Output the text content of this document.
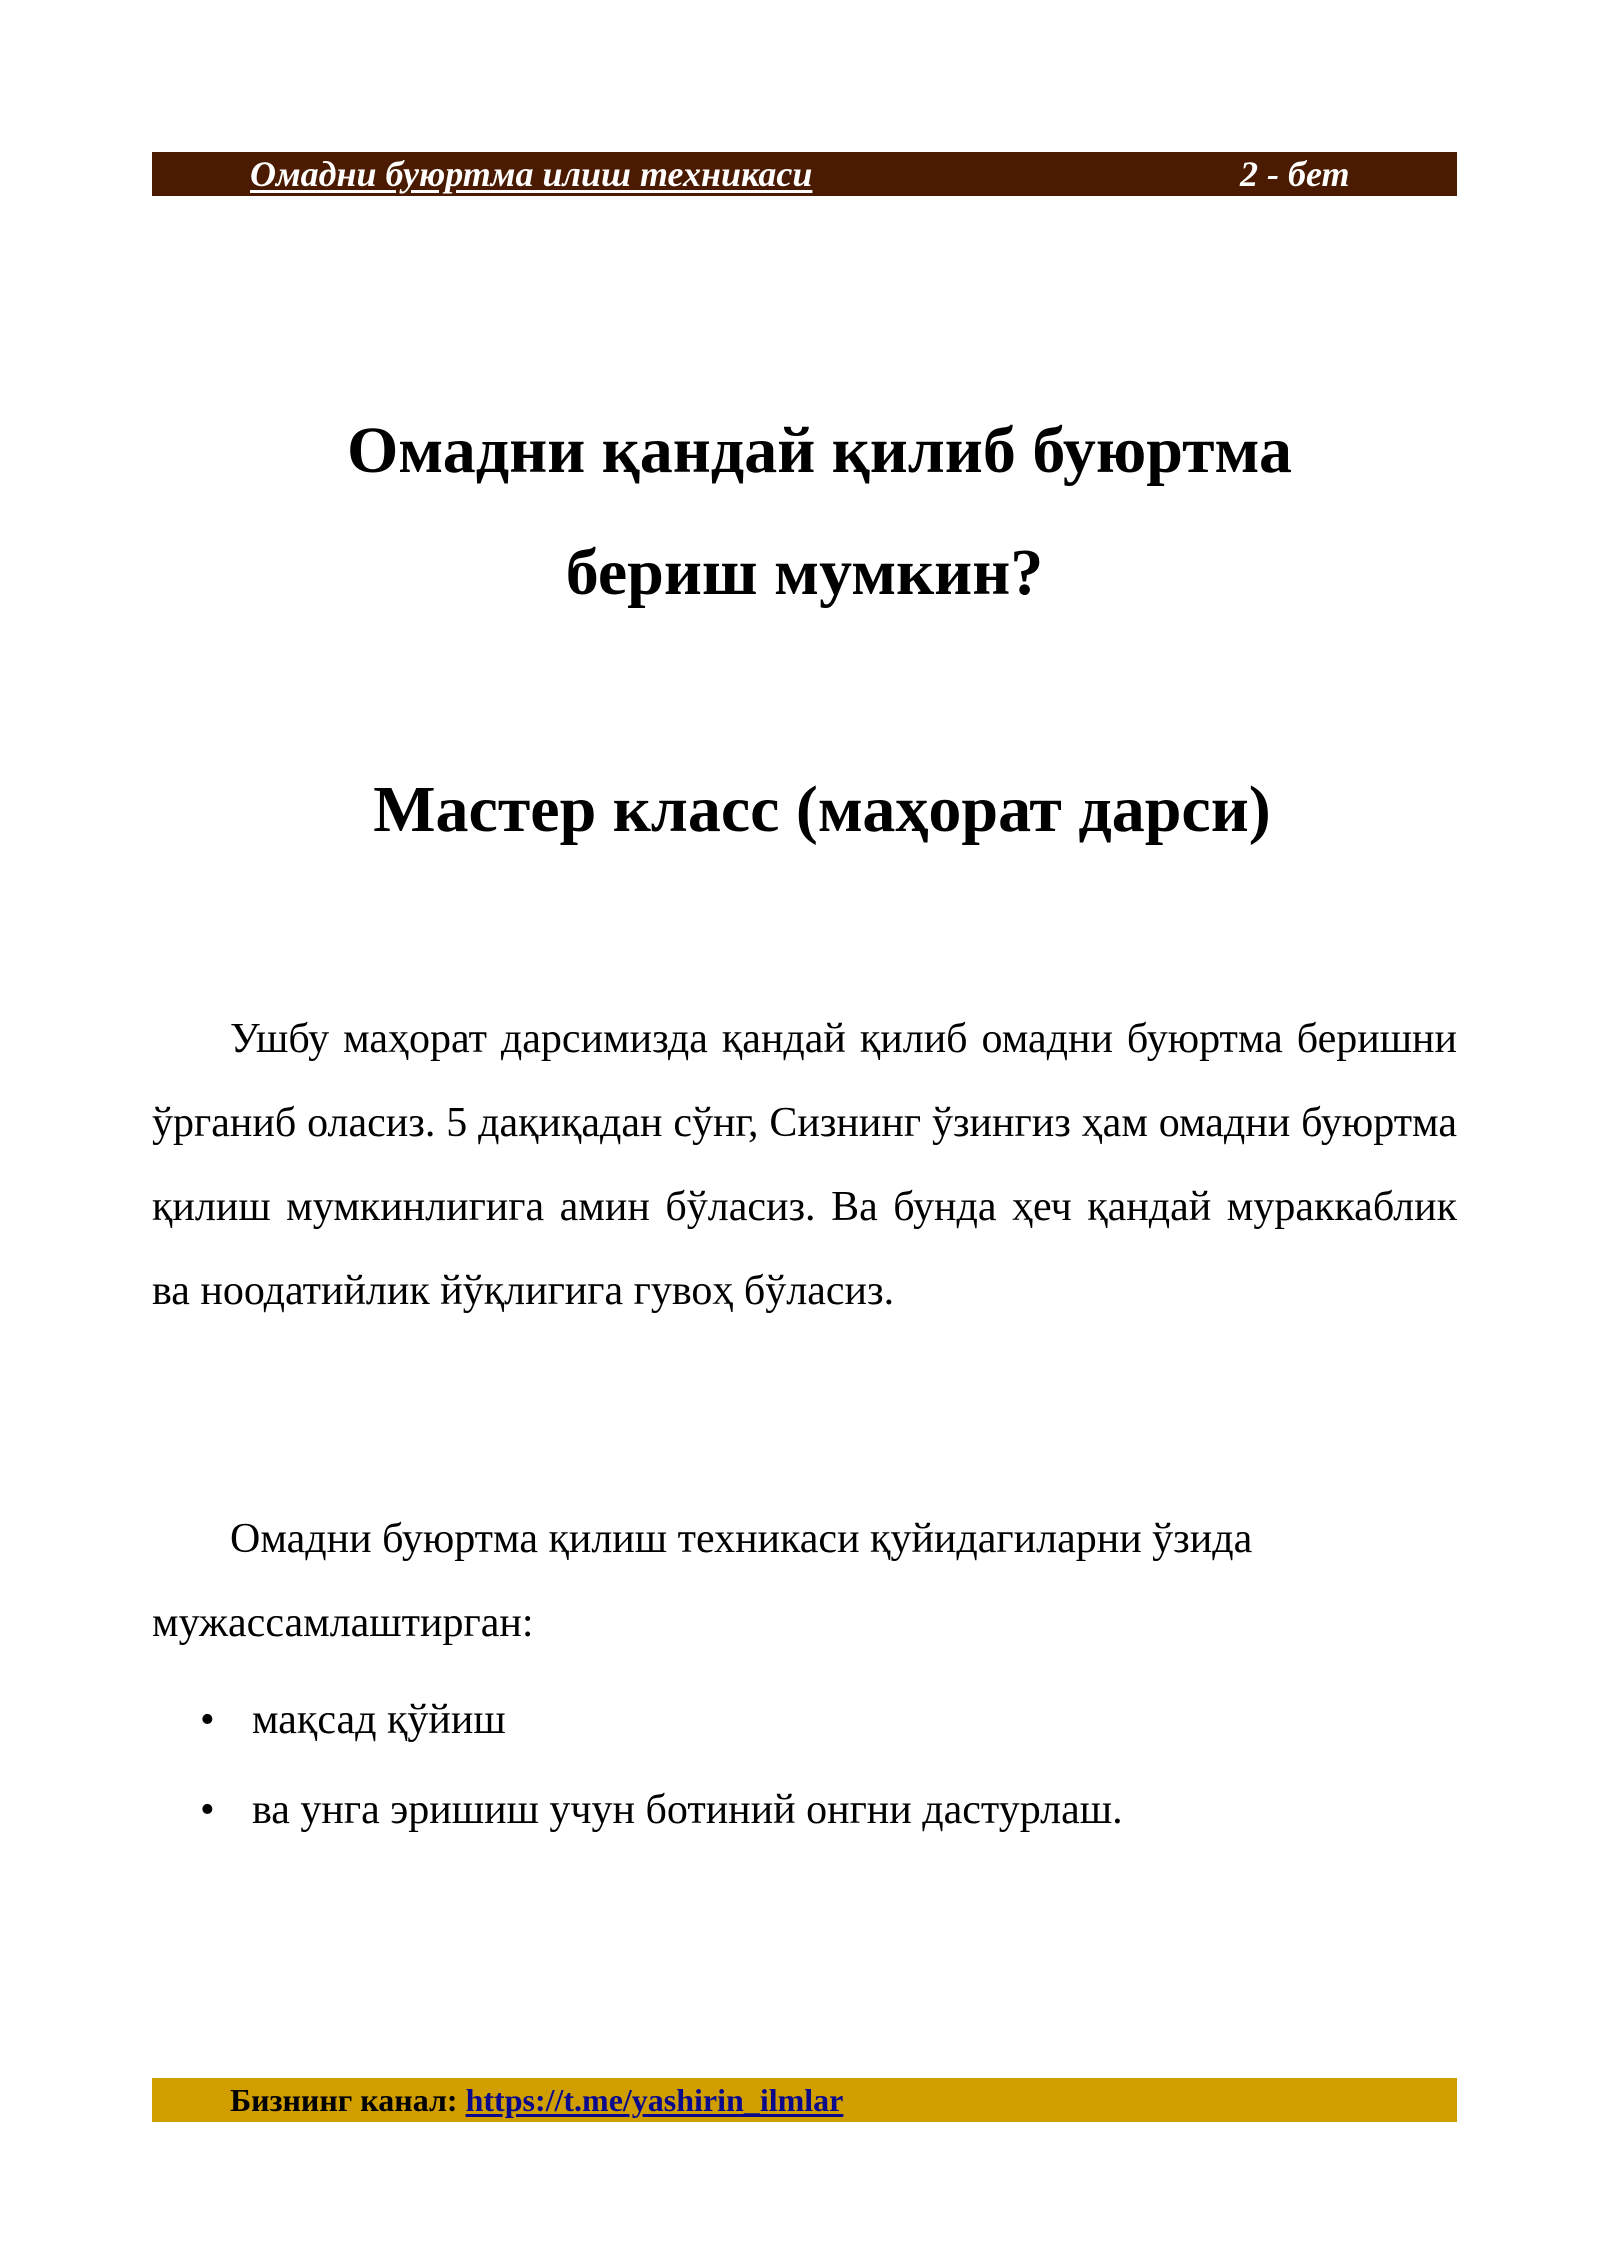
Омадни буюртма илиш техникаси	2 - бет
Омадни қандай қилиб буюртма
бериш мумкин?
Мастер класс (маҳорат дарси)

Ушбу маҳорат дарсимизда қандай қилиб омадни буюртма беришни ўрганиб оласиз. 5 дақиқадан сўнг, Сизнинг ўзингиз ҳам омадни буюртма қилиш мумкинлигига амин бўласиз. Ва бунда ҳеч қандай мураккаблик ва ноодатийлик йўқлигига гувоҳ бўласиз.

Омадни буюртма қилиш техникаси қуйидагиларни ўзида мужассамлаштирган:

• мақсад қўйиш
• ва унга эришиш учун ботиний онгни дастурлаш.
Бизнинг канал: https://t.me/yashirin_ilmlar
